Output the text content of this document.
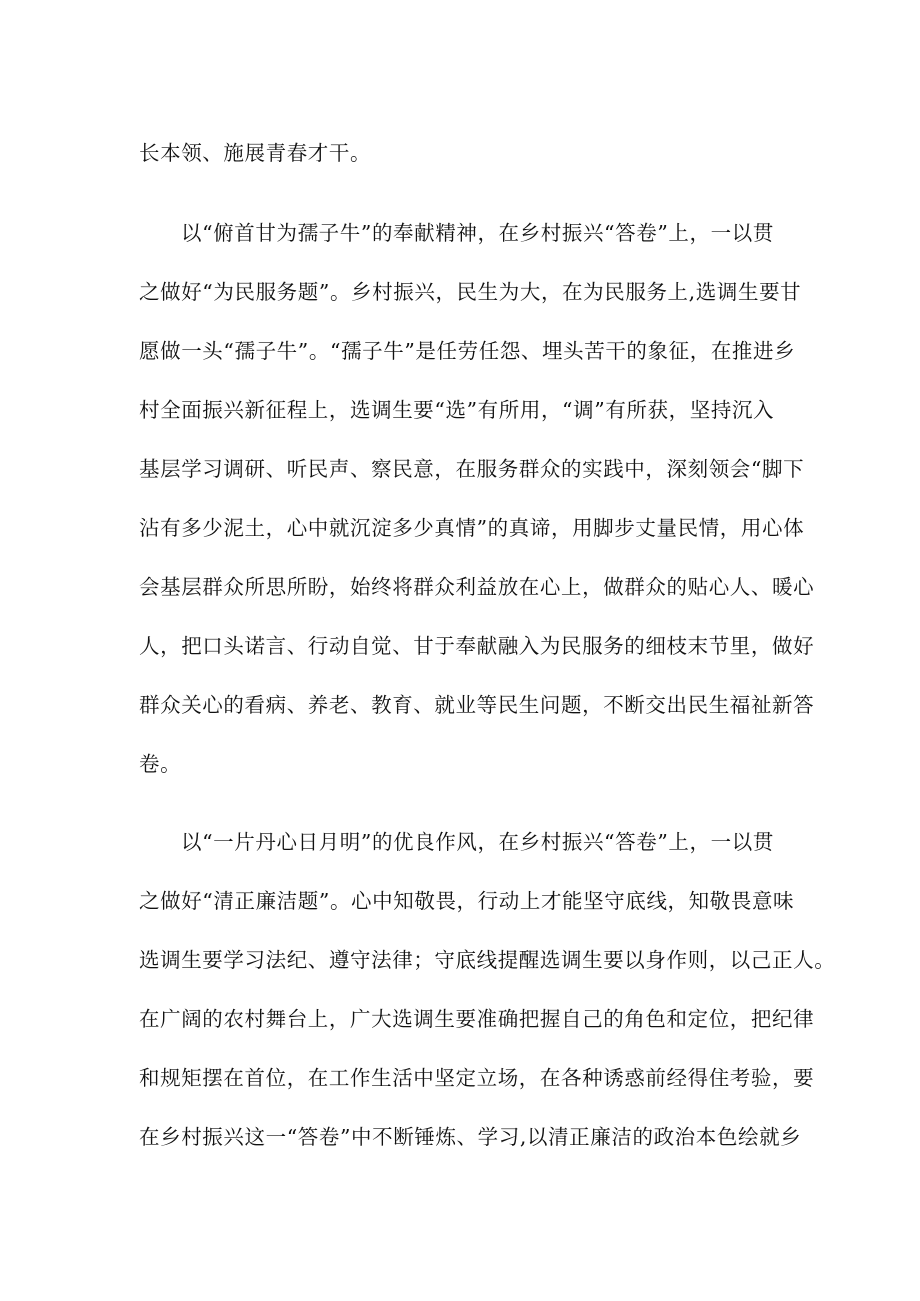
长本领、施展青春才干。
以“俯首甘为孺子牛”的奉献精神，在乡村振兴“答卷”上，一以贯
之做好“为民服务题”。乡村振兴，民生为大，在为民服务上,选调生要甘
愿做一头“孺子牛”。“孺子牛”是任劳任怨、埋头苦干的象征，在推进乡
村全面振兴新征程上，选调生要“选”有所用，“调”有所获，坚持沉入
基层学习调研、听民声、察民意，在服务群众的实践中，深刻领会“脚下
沾有多少泥土，心中就沉淀多少真情”的真谛，用脚步丈量民情，用心体
会基层群众所思所盼，始终将群众利益放在心上，做群众的贴心人、暖心
人，把口头诺言、行动自觉、甘于奉献融入为民服务的细枝末节里，做好
群众关心的看病、养老、教育、就业等民生问题，不断交出民生福祉新答
卷。
以“一片丹心日月明”的优良作风，在乡村振兴“答卷”上，一以贯
之做好“清正廉洁题”。心中知敬畏，行动上才能坚守底线，知敬畏意味
选调生要学习法纪、遵守法律；守底线提醒选调生要以身作则，以己正人。
在广阔的农村舞台上，广大选调生要准确把握自己的角色和定位，把纪律
和规矩摆在首位，在工作生活中坚定立场，在各种诱惑前经得住考验，要
在乡村振兴这一“答卷”中不断锤炼、学习,以清正廉洁的政治本色绘就乡
